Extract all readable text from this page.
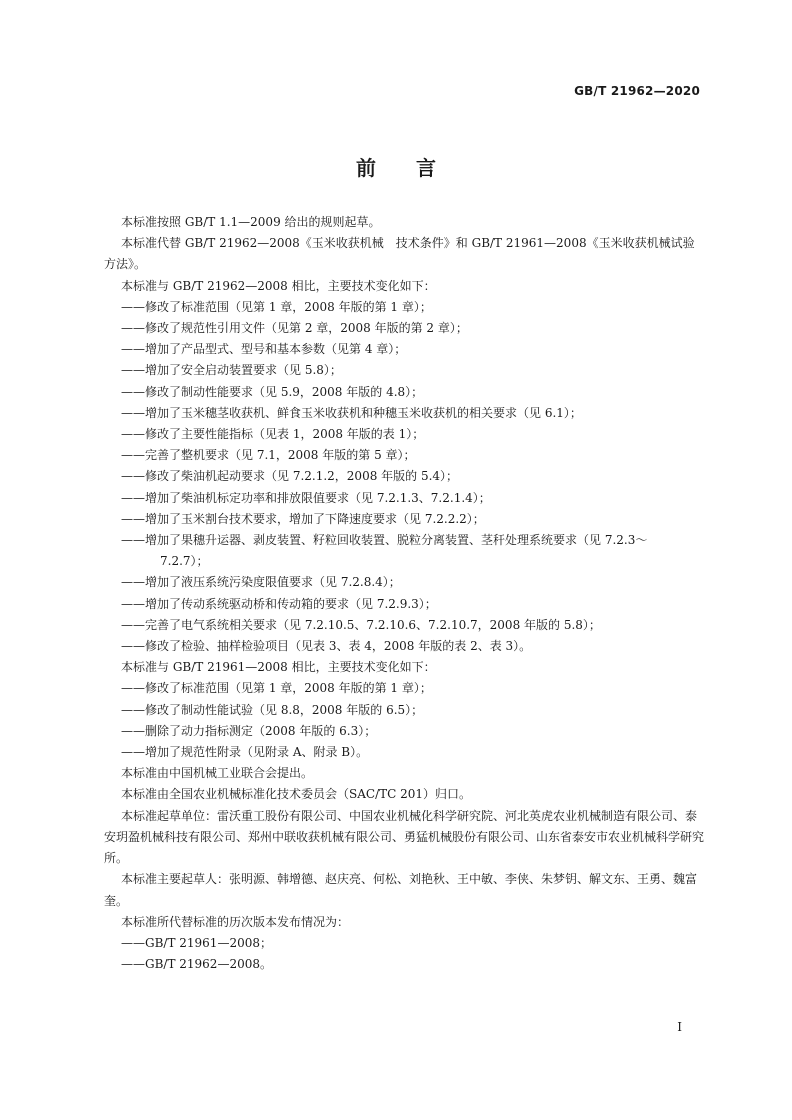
GB/T 21962—2020
前 言

本标准按照 GB/T 1.1—2009 给出的规则起草。

本标准代替 GB/T 21962—2008《玉米收获机械　技术条件》和 GB/T 21961—2008《玉米收获机械试验方法》。

本标准与 GB/T 21962—2008 相比，主要技术变化如下：

——修改了标准范围（见第 1 章，2008 年版的第 1 章）；

——修改了规范性引用文件（见第 2 章，2008 年版的第 2 章）；

——增加了产品型式、型号和基本参数（见第 4 章）；

——增加了安全启动装置要求（见 5.8）；

——修改了制动性能要求（见 5.9，2008 年版的 4.8）；

——增加了玉米穗茎收获机、鲜食玉米收获机和种穗玉米收获机的相关要求（见 6.1）；

——修改了主要性能指标（见表 1，2008 年版的表 1）；

——完善了整机要求（见 7.1，2008 年版的第 5 章）；

——修改了柴油机起动要求（见 7.2.1.2，2008 年版的 5.4）；

——增加了柴油机标定功率和排放限值要求（见 7.2.1.3、7.2.1.4）；

——增加了玉米割台技术要求，增加了下降速度要求（见 7.2.2.2）；

——增加了果穗升运器、剥皮装置、籽粒回收装置、脱粒分离装置、茎秆处理系统要求（见 7.2.3～

7.2.7）；

——增加了液压系统污染度限值要求（见 7.2.8.4）；

——增加了传动系统驱动桥和传动箱的要求（见 7.2.9.3）；

——完善了电气系统相关要求（见 7.2.10.5、7.2.10.6、7.2.10.7，2008 年版的 5.8）；

——修改了检验、抽样检验项目（见表 3、表 4，2008 年版的表 2、表 3）。

本标准与 GB/T 21961—2008 相比，主要技术变化如下：

——修改了标准范围（见第 1 章，2008 年版的第 1 章）；

——修改了制动性能试验（见 8.8，2008 年版的 6.5）；

——删除了动力指标测定（2008 年版的 6.3）；

——增加了规范性附录（见附录 A、附录 B）。

本标准由中国机械工业联合会提出。

本标准由全国农业机械标准化技术委员会（SAC/TC 201）归口。

本标准起草单位：雷沃重工股份有限公司、中国农业机械化科学研究院、河北英虎农业机械制造有限公司、泰安玥盈机械科技有限公司、郑州中联收获机械有限公司、勇猛机械股份有限公司、山东省泰安市农业机械科学研究所。

本标准主要起草人：张明源、韩增德、赵庆亮、何松、刘艳秋、王中敏、李侠、朱梦钥、解文东、王勇、魏富奎。

本标准所代替标准的历次版本发布情况为：

——GB/T 21961—2008；

——GB/T 21962—2008。

I
